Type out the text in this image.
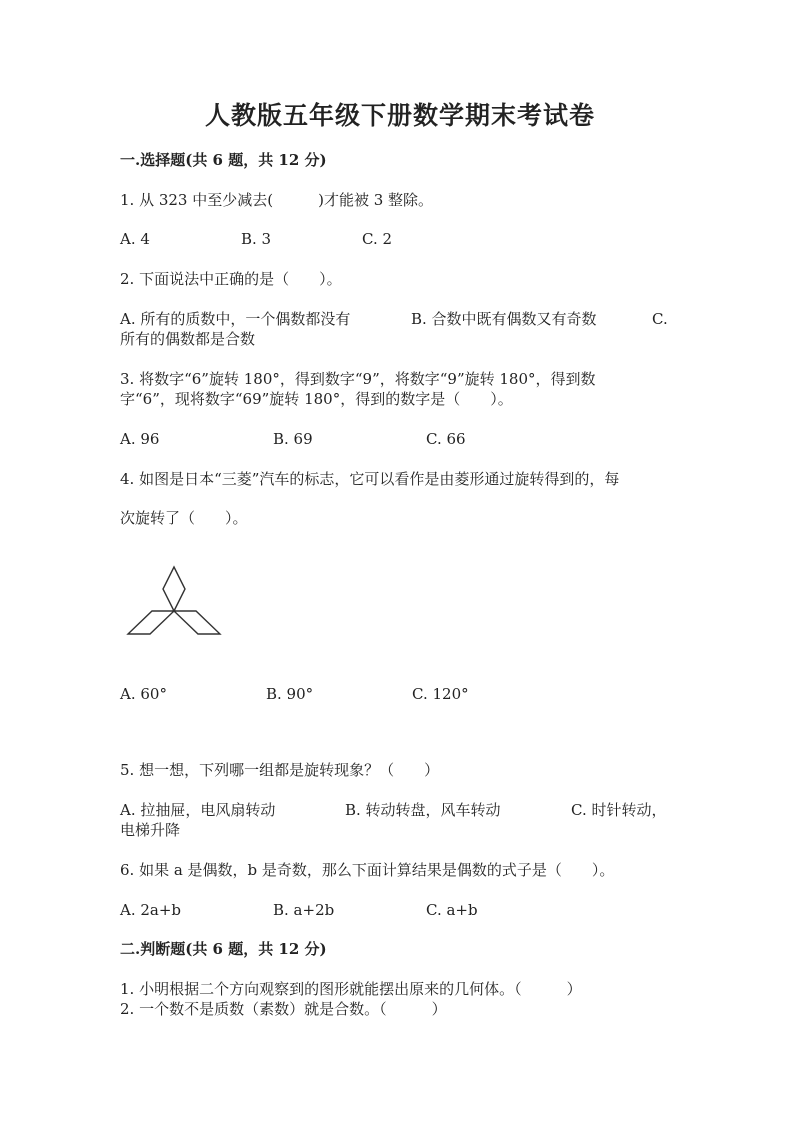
人教版五年级下册数学期末考试卷
一.选择题(共 6 题，共 12 分)
1. 从 323 中至少减去(　　　)才能被 3 整除。
A. 4	B. 3	C. 2
2. 下面说法中正确的是（　　）。
A. 所有的质数中，一个偶数都没有	B. 合数中既有偶数又有奇数	C.
所有的偶数都是合数
3. 将数字“6”旋转 180°，得到数字“9”，将数字“9”旋转 180°，得到数
字“6”，现将数字“69”旋转 180°，得到的数字是（　　）。
A. 96	B. 69	C. 66
4. 如图是日本“三菱”汽车的标志，它可以看作是由菱形通过旋转得到的，每
次旋转了（　　）。
A. 60°	B. 90°	C. 120°
5. 想一想，下列哪一组都是旋转现象？（　　）
A. 拉抽屉，电风扇转动	B. 转动转盘，风车转动	C. 时针转动，
电梯升降
6. 如果 a 是偶数，b 是奇数，那么下面计算结果是偶数的式子是（　　）。
A. 2a+b	B. a+2b	C. a+b
二.判断题(共 6 题，共 12 分)
1. 小明根据二个方向观察到的图形就能摆出原来的几何体。（　　　）
2. 一个数不是质数（素数）就是合数。（　　　）
